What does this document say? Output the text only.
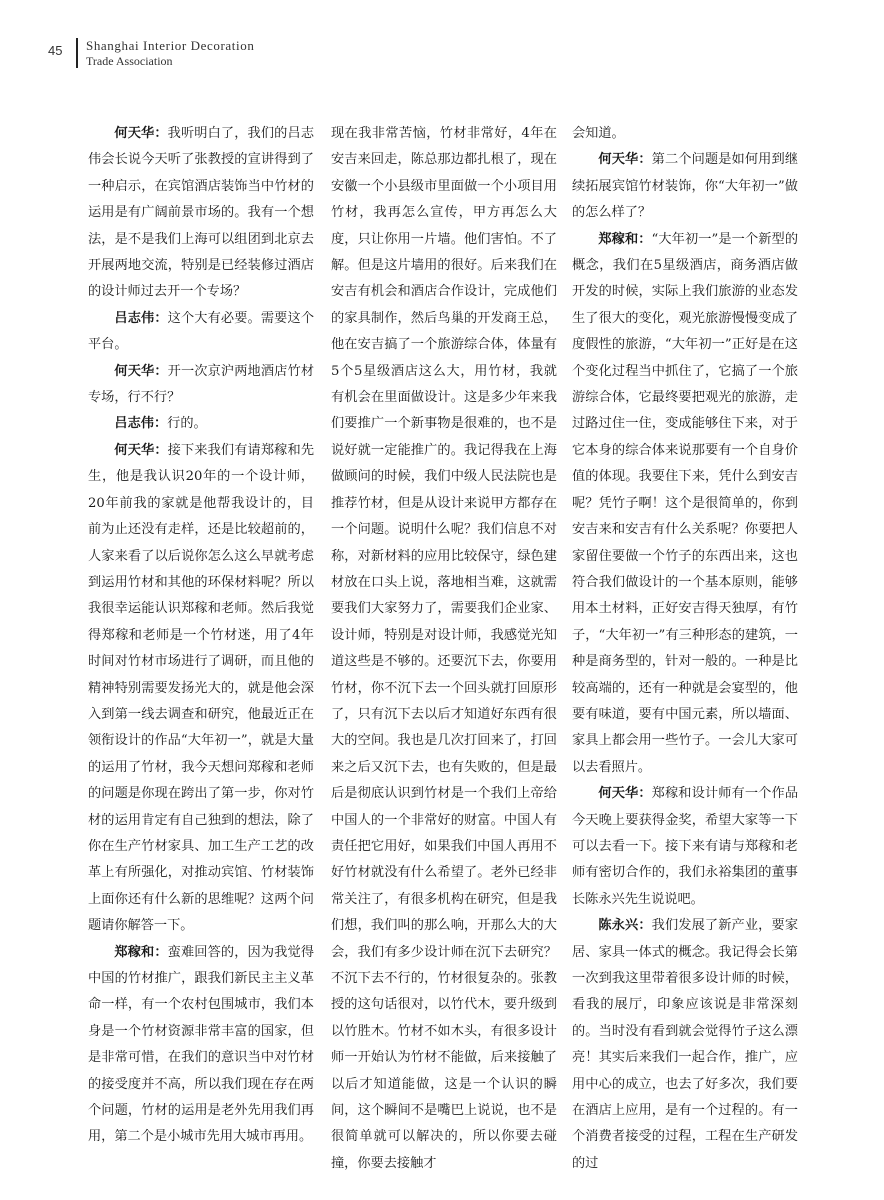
45 Shanghai Interior Decoration
Trade Association

何天华：我听明白了，我们的吕志伟会长说今天听了张教授的宣讲得到了一种启示，在宾馆酒店装饰当中竹材的运用是有广阔前景市场的。我有一个想法，是不是我们上海可以组团到北京去开展两地交流，特别是已经装修过酒店的设计师过去开一个专场？

吕志伟：这个大有必要。需要这个平台。

何天华：开一次京沪两地酒店竹材专场，行不行？

吕志伟：行的。

何天华：接下来我们有请郑稼和先生，他是我认识20年的一个设计师，20年前我的家就是他帮我设计的，目前为止还没有走样，还是比较超前的，人家来看了以后说你怎么这么早就考虑到运用竹材和其他的环保材料呢？所以我很幸运能认识郑稼和老师。然后我觉得郑稼和老师是一个竹材迷，用了4年时间对竹材市场进行了调研，而且他的精神特别需要发扬光大的，就是他会深入到第一线去调查和研究，他最近正在领衔设计的作品“大年初一”，就是大量的运用了竹材，我今天想问郑稼和老师的问题是你现在跨出了第一步，你对竹材的运用肯定有自己独到的想法，除了你在生产竹材家具、加工生产工艺的改革上有所强化，对推动宾馆、竹材装饰上面你还有什么新的思维呢？这两个问题请你解答一下。

郑稼和：蛮难回答的，因为我觉得中国的竹材推广，跟我们新民主主义革命一样，有一个农村包围城市，我们本身是一个竹材资源非常丰富的国家，但是非常可惜，在我们的意识当中对竹材的接受度并不高，所以我们现在存在两个问题，竹材的运用是老外先用我们再用，第二个是小城市先用大城市再用。

现在我非常苦恼，竹材非常好，4年在安吉来回走，陈总那边都扎根了，现在安徽一个小县级市里面做一个小项目用竹材，我再怎么宣传，甲方再怎么大度，只让你用一片墙。他们害怕。不了解。但是这片墙用的很好。后来我们在安吉有机会和酒店合作设计，完成他们的家具制作，然后鸟巢的开发商王总，他在安吉搞了一个旅游综合体，体量有5个5星级酒店这么大，用竹材，我就有机会在里面做设计。这是多少年来我们要推广一个新事物是很难的，也不是说好就一定能推广的。我记得我在上海做顾问的时候，我们中级人民法院也是推荐竹材，但是从设计来说甲方都存在一个问题。说明什么呢？我们信息不对称，对新材料的应用比较保守，绿色建材放在口头上说，落地相当难，这就需要我们大家努力了，需要我们企业家、设计师，特别是对设计师，我感觉光知道这些是不够的。还要沉下去，你要用竹材，你不沉下去一个回头就打回原形了，只有沉下去以后才知道好东西有很大的空间。我也是几次打回来了，打回来之后又沉下去，也有失败的，但是最后是彻底认识到竹材是一个我们上帝给中国人的一个非常好的财富。中国人有责任把它用好，如果我们中国人再用不好竹材就没有什么希望了。老外已经非常关注了，有很多机构在研究，但是我们想，我们叫的那么响，开那么大的大会，我们有多少设计师在沉下去研究？不沉下去不行的，竹材很复杂的。张教授的这句话很对，以竹代木，要升级到以竹胜木。竹材不如木头，有很多设计师一开始认为竹材不能做，后来接触了以后才知道能做，这是一个认识的瞬间，这个瞬间不是嘴巴上说说，也不是很简单就可以解决的，所以你要去碰撞，你要去接触才

会知道。

何天华：第二个问题是如何用到继续拓展宾馆竹材装饰，你“大年初一”做的怎么样了？

郑稼和：“大年初一”是一个新型的概念，我们在5星级酒店，商务酒店做开发的时候，实际上我们旅游的业态发生了很大的变化，观光旅游慢慢变成了度假性的旅游，“大年初一”正好是在这个变化过程当中抓住了，它搞了一个旅游综合体，它最终要把观光的旅游，走过路过住一住，变成能够住下来，对于它本身的综合体来说那要有一个自身价值的体现。我要住下来，凭什么到安吉呢？凭竹子啊！这个是很简单的，你到安吉来和安吉有什么关系呢？你要把人家留住要做一个竹子的东西出来，这也符合我们做设计的一个基本原则，能够用本土材料，正好安吉得天独厚，有竹子，“大年初一”有三种形态的建筑，一种是商务型的，针对一般的。一种是比较高端的，还有一种就是会宴型的，他要有味道，要有中国元素，所以墙面、家具上都会用一些竹子。一会儿大家可以去看照片。

何天华：郑稼和设计师有一个作品今天晚上要获得金奖，希望大家等一下可以去看一下。接下来有请与郑稼和老师有密切合作的，我们永裕集团的董事长陈永兴先生说说吧。

陈永兴：我们发展了新产业，要家居、家具一体式的概念。我记得会长第一次到我这里带着很多设计师的时候，看我的展厅，印象应该说是非常深刻的。当时没有看到就会觉得竹子这么漂亮！其实后来我们一起合作，推广，应用中心的成立，也去了好多次，我们要在酒店上应用，是有一个过程的。有一个消费者接受的过程，工程在生产研发的过
